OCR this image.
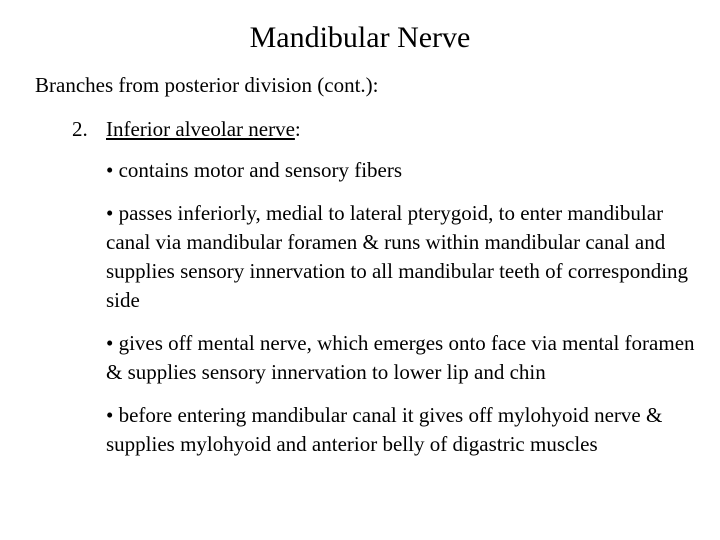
Mandibular Nerve
Branches from posterior division (cont.):
2. Inferior alveolar nerve:
• contains motor and sensory fibers
• passes inferiorly, medial to lateral pterygoid, to enter mandibular canal via mandibular foramen & runs within mandibular canal and supplies sensory innervation to all mandibular teeth of corresponding side
• gives off mental nerve, which emerges onto face via mental foramen & supplies sensory innervation to lower lip and chin
• before entering mandibular canal it gives off mylohyoid nerve & supplies mylohyoid and anterior belly of digastric muscles
